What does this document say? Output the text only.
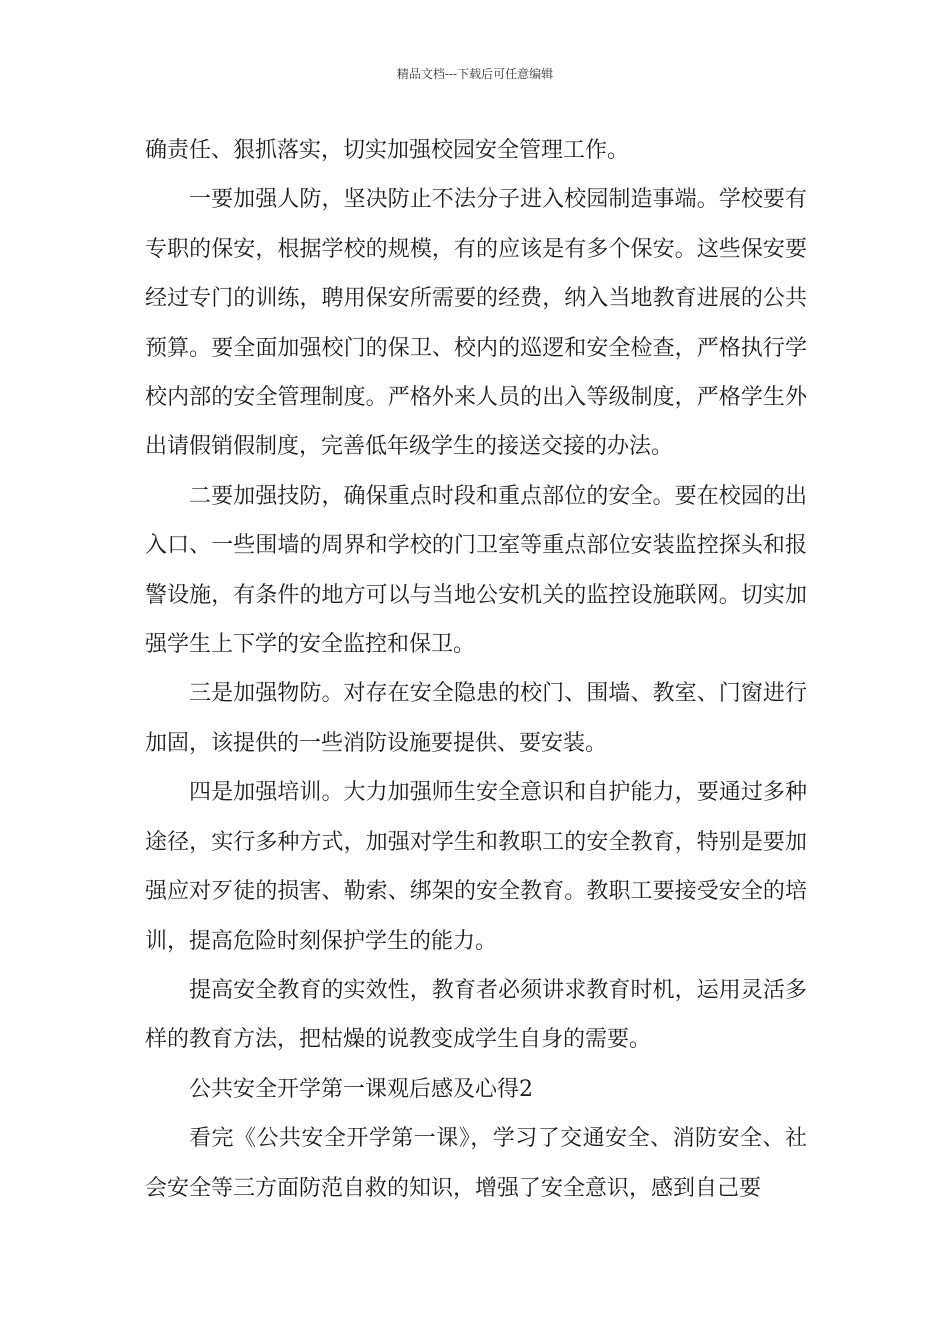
精品文档---下载后可任意编辑

确责任、狠抓落实，切实加强校园安全管理工作。

一要加强人防，坚决防止不法分子进入校园制造事端。学校要有专职的保安，根据学校的规模，有的应该是有多个保安。这些保安要经过专门的训练，聘用保安所需要的经费，纳入当地教育进展的公共预算。要全面加强校门的保卫、校内的巡逻和安全检查，严格执行学校内部的安全管理制度。严格外来人员的出入等级制度，严格学生外出请假销假制度，完善低年级学生的接送交接的办法。

二要加强技防，确保重点时段和重点部位的安全。要在校园的出入口、一些围墙的周界和学校的门卫室等重点部位安装监控探头和报警设施，有条件的地方可以与当地公安机关的监控设施联网。切实加强学生上下学的安全监控和保卫。

三是加强物防。对存在安全隐患的校门、围墙、教室、门窗进行加固，该提供的一些消防设施要提供、要安装。

四是加强培训。大力加强师生安全意识和自护能力，要通过多种途径，实行多种方式，加强对学生和教职工的安全教育，特别是要加强应对歹徒的损害、勒索、绑架的安全教育。教职工要接受安全的培训，提高危险时刻保护学生的能力。

提高安全教育的实效性，教育者必须讲求教育时机，运用灵活多样的教育方法，把枯燥的说教变成学生自身的需要。

公共安全开学第一课观后感及心得2

看完《公共安全开学第一课》，学习了交通安全、消防安全、社会安全等三方面防范自救的知识，增强了安全意识，感到自己要
